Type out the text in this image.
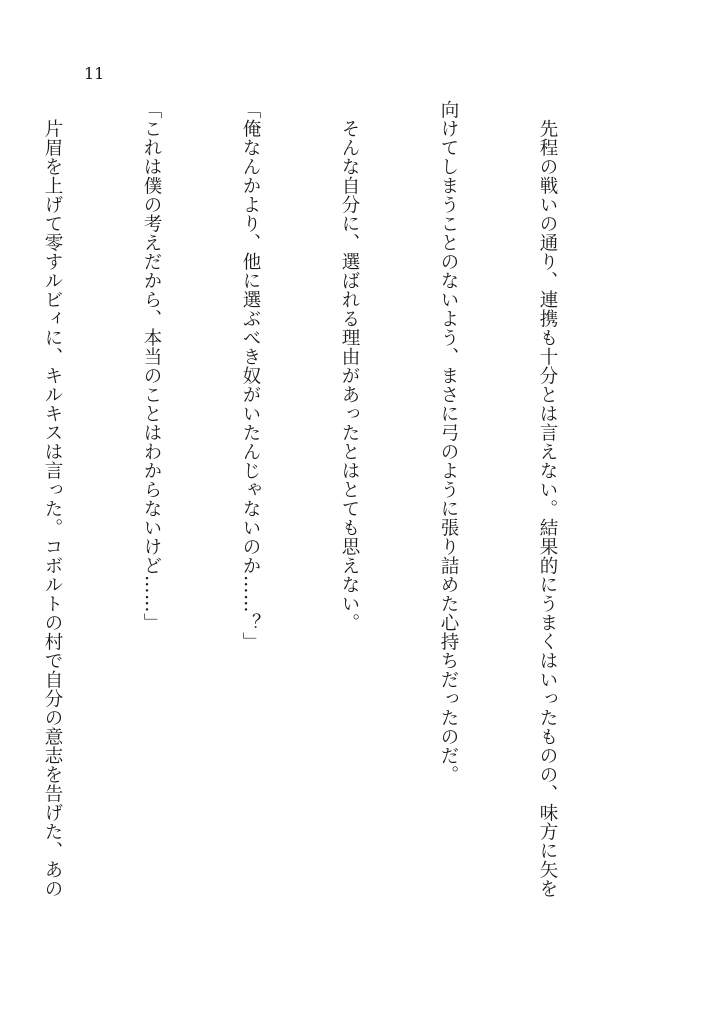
11

　先程の戦いの通り、連携も十分とは言えない。結果的にうまくはいったものの、味方に矢を

向けてしまうことのないよう、まさに弓のように張り詰めた心持ちだったのだ。

　そんな自分に、選ばれる理由があったとはとても思えない。

「俺なんかより、他に選ぶべき奴がいたんじゃないのか……？」

「これは僕の考えだから、本当のことはわからないけど……」

　片眉を上げて零すルビィに、キルキスは言った。コボルトの村で自分の意志を告げた、あの
